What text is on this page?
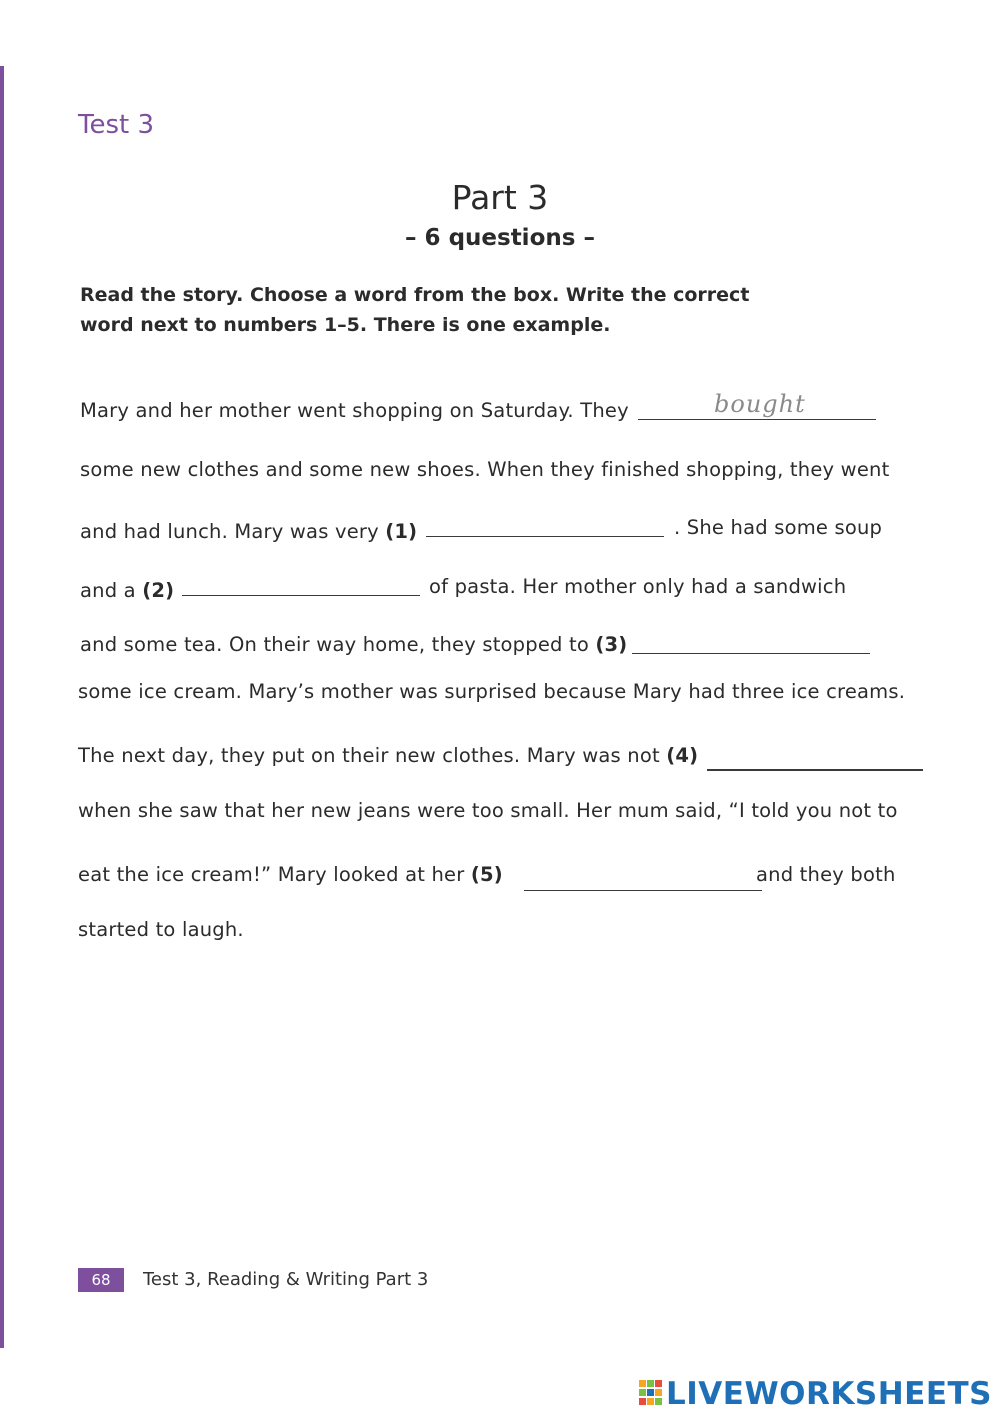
Test 3
Part 3
– 6 questions –
Read the story. Choose a word from the box. Write the correct
word next to numbers 1–5. There is one example.
Mary and her mother went shopping on Saturday. They	bought
some new clothes and some new shoes. When they finished shopping, they went
and had lunch. Mary was very (1)	. She had some soup
and a (2)	of pasta. Her mother only had a sandwich
and some tea. On their way home, they stopped to (3)
some ice cream. Mary’s mother was surprised because Mary had three ice creams.
The next day, they put on their new clothes. Mary was not (4)
when she saw that her new jeans were too small. Her mum said, “I told you not to
eat the ice cream!” Mary looked at her (5)	and they both
started to laugh.
68	Test 3, Reading & Writing Part 3
LIVEWORKSHEETS
